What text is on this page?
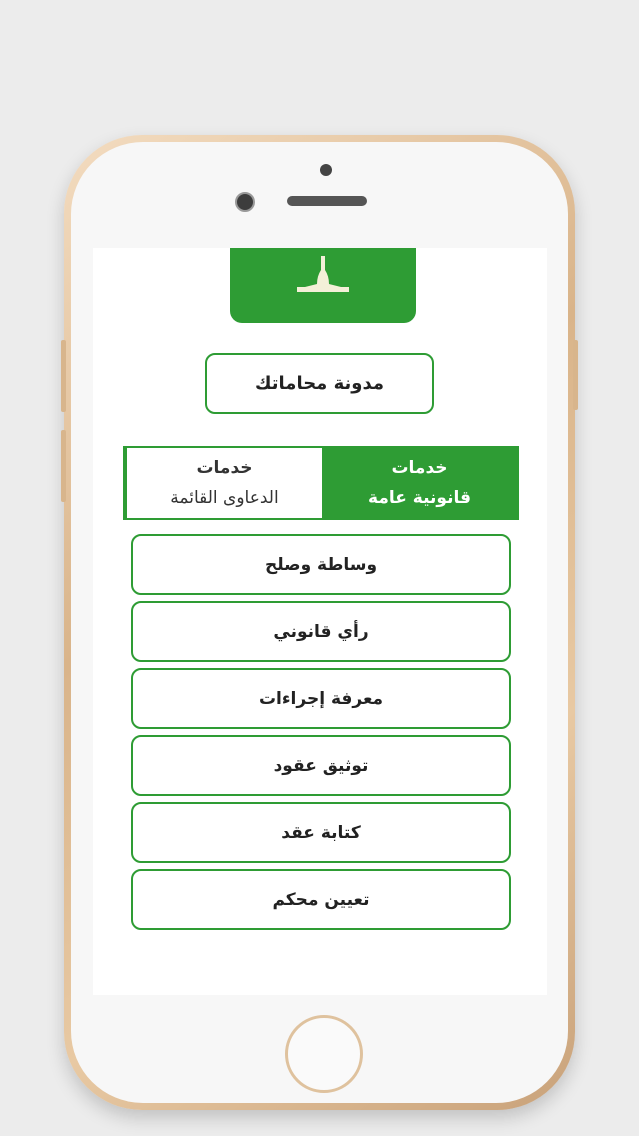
مدونة محاماتك
خدمات
قانونية عامة
خدمات
الدعاوى القائمة
وساطة وصلح
رأي قانوني
معرفة إجراءات
توثيق عقود
كتابة عقد
تعيين محكم
